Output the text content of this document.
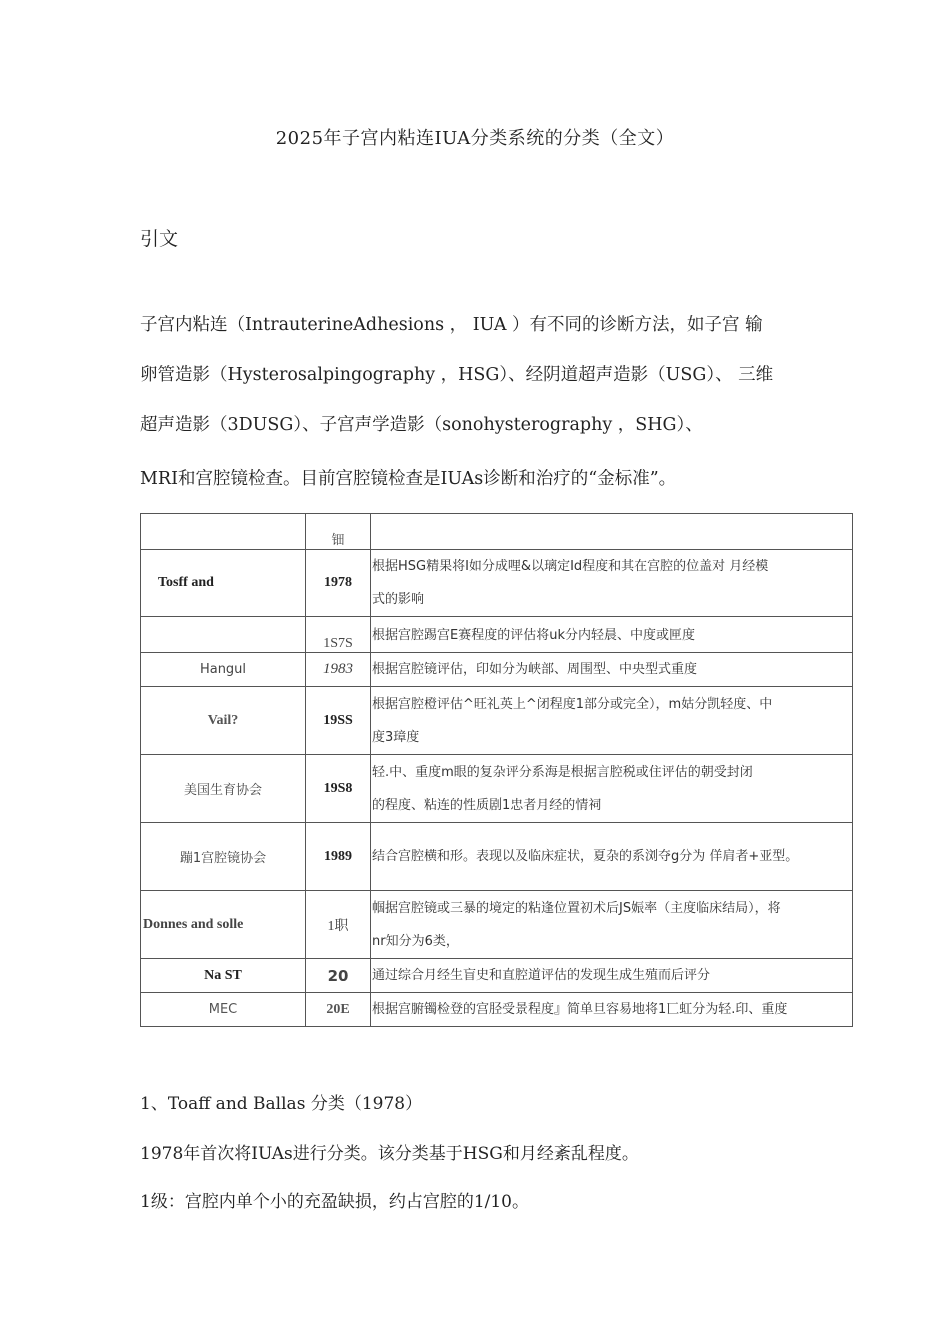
2025年子宫内粘连IUA分类系统的分类（全文）
引文
子宫内粘连（IntrauterineAdhesions ， IUA ）有不同的诊断方法，如子宫 输
卵管造影（Hysterosalpingography ，HSG）、经阴道超声造影（USG）、 三维
超声造影（3DUSG）、子宫声学造影（sonohysterography ，SHG）、
MRI和宫腔镜检查。目前宫腔镜检查是IUAs诊断和治疗的“金标准”。
	钿	
Tosff and	1978	根据HSG精果将I如分成哩&以璃定Id程度和其在宫腔的位盖对 月经模
式的影响

	1S7S	根据宫腔踢宫E赛程度的评估将uk分内轻晨、中度或匣度

Hangul	1983	根据宫腔镜评估，印如分为峡部、周围型、中央型式重度

Vail?	19SS	根据宫腔橙评估^旺礼英上^闭程度1部分或完全），m姑分凯轻度、中
度3璋度

美国生育协会	19S8	轻.中、重度m眼的复杂评分系海是根据言腔税或住评估的朝受封闭
的程度、粘连的性质剧1忠者月经的情祠

蹦1宫腔镜协会	1989	结合宫腔横和形。表现以及临床症状，夏杂的系浏夺g分为 佯肩者+亚型。

Donnes and solle	1职	帼据宫腔镜或三暴的境定的粘逢位置初术后JS娠率（主度临床结局），将
nr知分为6类，

Na ST	20	通过综合月经生盲史和直腔道评估的发现生成生殖而后评分

MEC	20E	根据宫腑镯检登的宫胫受景程度』简单旦容易地将1匸虹分为轻.印、重度
1、Toaff and Ballas 分类（1978）
1978年首次将IUAs进行分类。该分类基于HSG和月经紊乱程度。
1级：宫腔内单个小的充盈缺损，约占宫腔的1/10。
